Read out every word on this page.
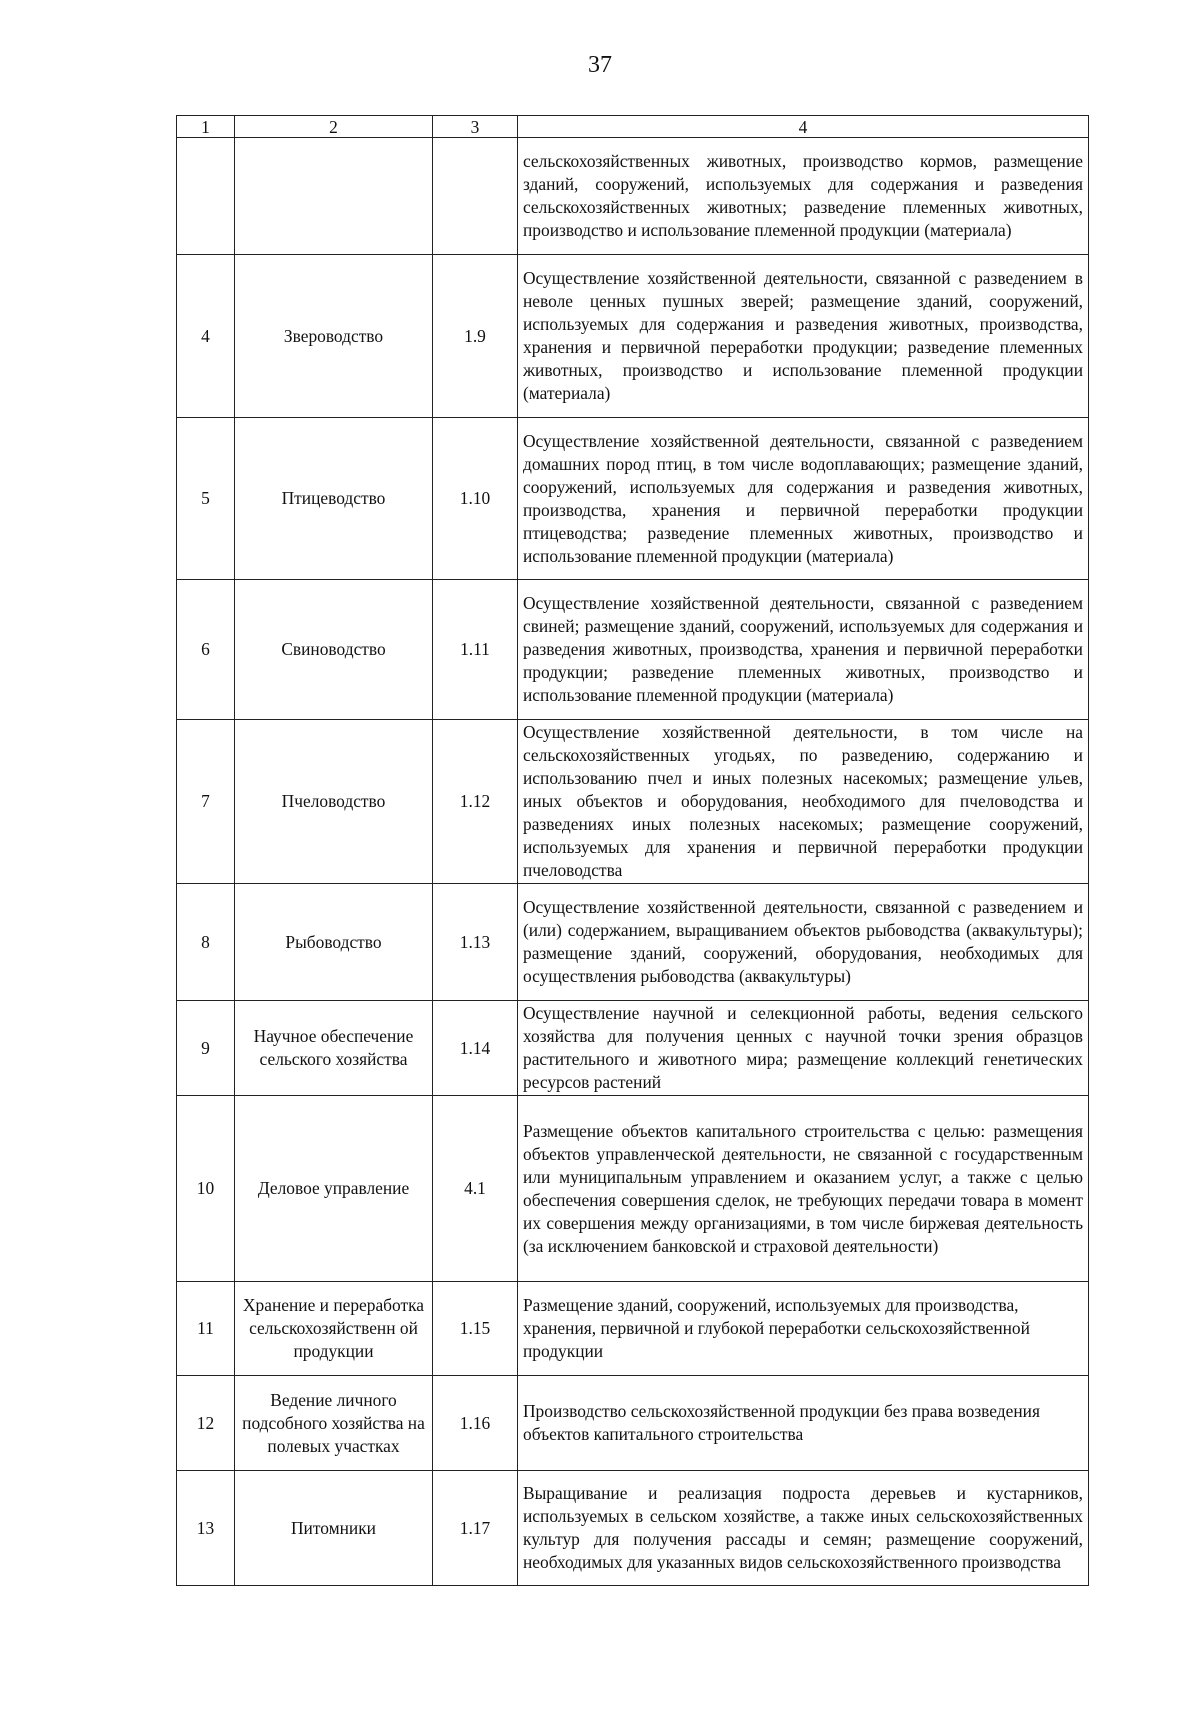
37
1	2	3	4
			сельскохозяйственных животных, производство кормов, размещение зданий, сооружений, используемых для содержания и разведения сельскохозяйственных животных; разведение племенных животных, производство и использование племенной продукции (материала)
4	Звероводство	1.9	Осуществление хозяйственной деятельности, связанной с разведением в неволе ценных пушных зверей; размещение зданий, сооружений, используемых для содержания и разведения животных, производства, хранения и первичной переработки продукции; разведение племенных животных, производство и использование племенной продукции (материала)
5	Птицеводство	1.10	Осуществление хозяйственной деятельности, связанной с разведением домашних пород птиц, в том числе водоплавающих; размещение зданий, сооружений, используемых для содержания и разведения животных, производства, хранения и первичной переработки продукции птицеводства; разведение племенных животных, производство и использование племенной продукции (материала)
6	Свиноводство	1.11	Осуществление хозяйственной деятельности, связанной с разведением свиней; размещение зданий, сооружений, используемых для содержания и разведения животных, производства, хранения и первичной переработки продукции; разведение племенных животных, производство и использование племенной продукции (материала)
7	Пчеловодство	1.12	Осуществление хозяйственной деятельности, в том числе на сельскохозяйственных угодьях, по разведению, содержанию и использованию пчел и иных полезных насекомых; размещение ульев, иных объектов и оборудования, необходимого для пчеловодства и разведениях иных полезных насекомых; размещение сооружений, используемых для хранения и первичной переработки продукции пчеловодства
8	Рыбоводство	1.13	Осуществление хозяйственной деятельности, связанной с разведением и (или) содержанием, выращиванием объектов рыбоводства (аквакультуры); размещение зданий, сооружений, оборудования, необходимых для осуществления рыбоводства (аквакультуры)
9	Научное обеспечение сельского хозяйства	1.14	Осуществление научной и селекционной работы, ведения сельского хозяйства для получения ценных с научной точки зрения образцов растительного и животного мира; размещение коллекций генетических ресурсов растений
10	Деловое управление	4.1	Размещение объектов капитального строительства с целью: размещения объектов управленческой деятельности, не связанной с государственным или муниципальным управлением и оказанием услуг, а также с целью обеспечения совершения сделок, не требующих передачи товара в момент их совершения между организациями, в том числе биржевая деятельность (за исключением банковской и страховой деятельности)
11	Хранение и переработка сельскохозяйственн ой продукции	1.15	Размещение зданий, сооружений, используемых для производства, хранения, первичной и глубокой переработки сельскохозяйственной продукции
12	Ведение личного подсобного хозяйства на полевых участках	1.16	Производство сельскохозяйственной продукции без права возведения объектов капитального строительства
13	Питомники	1.17	Выращивание и реализация подроста деревьев и кустарников, используемых в сельском хозяйстве, а также иных сельскохозяйственных культур для получения рассады и семян; размещение сооружений, необходимых для указанных видов сельскохозяйственного производства
